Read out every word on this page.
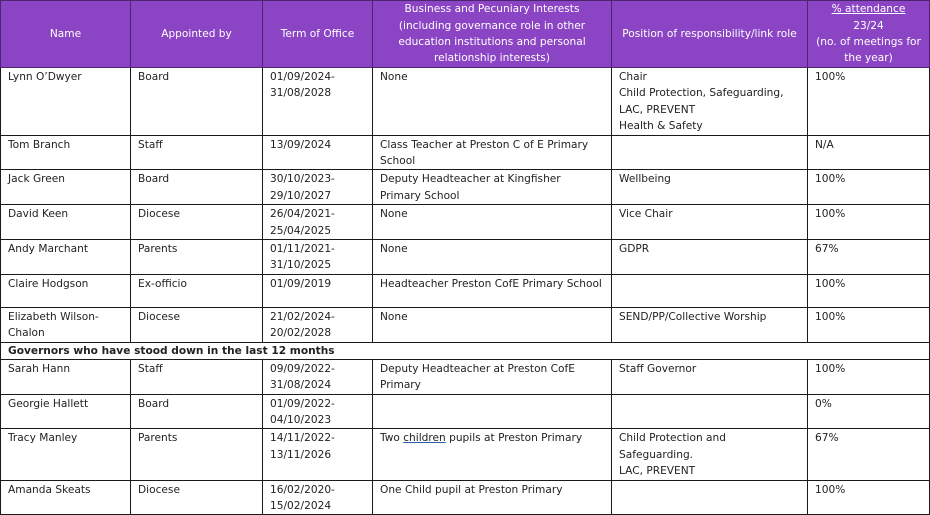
Name	Appointed by	Term of Office	Business and Pecuniary Interests (including governance role in other education institutions and personal relationship interests)	Position of responsibility/link role	% attendance
23/24
(no. of meetings for the year)

Lynn O’Dwyer	Board	01/09/2024-
31/08/2028	None	Chair
Child Protection, Safeguarding, LAC, PREVENT
Health & Safety	100%
Tom Branch	Staff	13/09/2024	Class Teacher at Preston C of E Primary School		N/A
Jack Green	Board	30/10/2023-
29/10/2027	Deputy Headteacher at Kingfisher Primary School	Wellbeing	100%
David Keen	Diocese	26/04/2021-
25/04/2025	None	Vice Chair	100%
Andy Marchant	Parents	01/11/2021-
31/10/2025	None	GDPR	67%
Claire Hodgson	Ex-officio	01/09/2019	Headteacher Preston CofE Primary School		100%
Elizabeth Wilson-Chalon	Diocese	21/02/2024-
20/02/2028	None	SEND/PP/Collective Worship	100%
Governors who have stood down in the last 12 months					
Sarah Hann	Staff	09/09/2022-
31/08/2024	Deputy Headteacher at Preston CofE Primary	Staff Governor	100%
Georgie Hallett	Board	01/09/2022-
04/10/2023			0%
Tracy Manley	Parents	14/11/2022-
13/11/2026	Two children pupils at Preston Primary	Child Protection and Safeguarding.
LAC, PREVENT	67%
Amanda Skeats	Diocese	16/02/2020-
15/02/2024	One Child pupil at Preston Primary		100%
